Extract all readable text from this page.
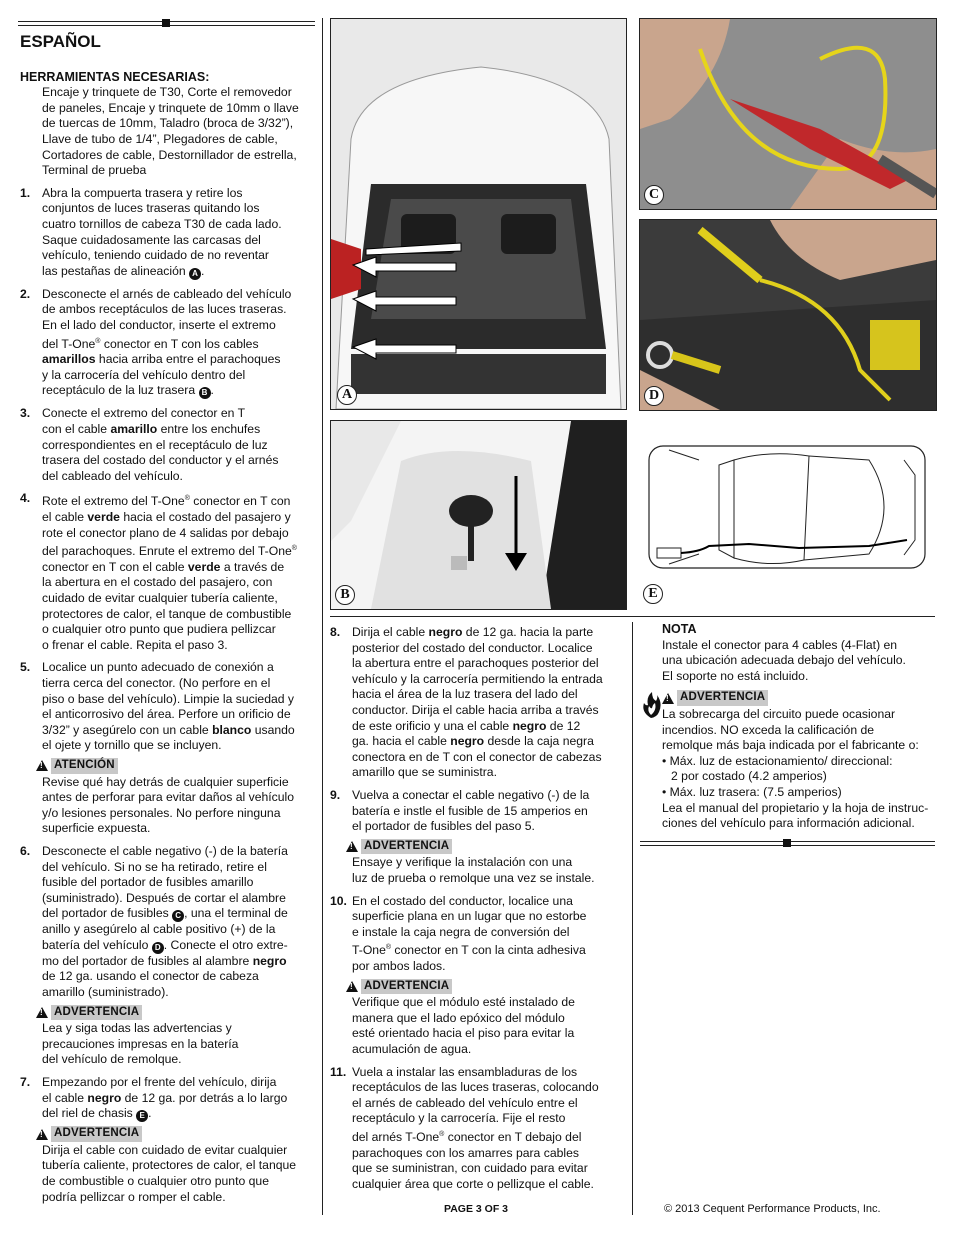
ESPAÑOL
HERRAMIENTAS NECESARIAS:
Encaje y trinquete de T30, Corte el removedor
de paneles, Encaje y trinquete de 10mm o llave
de tuercas de 10mm, Taladro (broca de 3/32”),
Llave de tubo de 1/4”, Plegadores de cable,
Cortadores de cable, Destornillador de estrella,
Terminal de prueba
1. Abra la compuerta trasera y retire los
conjuntos de luces traseras quitando los
cuatro tornillos de cabeza T30 de cada lado.
Saque cuidadosamente las carcasas del
vehículo, teniendo cuidado de no reventar
las pestañas de alineación A .
2. Desconecte el arnés de cableado del vehículo
de ambos receptáculos de las luces traseras.
En el lado del conductor, inserte el extremo
del T-One® conector en T con los cables
amarillos hacia arriba entre el parachoques
y la carrocería del vehículo dentro del
receptáculo de la luz trasera B .
3. Conecte el extremo del conector en T
con el cable amarillo entre los enchufes
correspondientes en el receptáculo de luz
trasera del costado del conductor y el arnés
del cableado del vehículo.
4. Rote el extremo del T-One® conector en T con
el cable verde hacia el costado del pasajero y
rote el conector plano de 4 salidas por debajo
del parachoques. Enrute el extremo del T-One®
conector en T con el cable verde a través de
la abertura en el costado del pasajero, con
cuidado de evitar cualquier tubería caliente,
protectores de calor, el tanque de combustible
o cualquier otro punto que pudiera pellizcar
o frenar el cable. Repita el paso 3.
5. Localice un punto adecuado de conexión a
tierra cerca del conector. (No perfore en el
piso o base del vehículo). Limpie la suciedad y
el anticorrosivo del área. Perfore un orificio de
3/32” y asegúrelo con un cable blanco usando
el ojete y tornillo que se incluyen.
!
ATENCIÓN
Revise qué hay detrás de cualquier superficie
antes de perforar para evitar daños al vehículo
y/o lesiones personales. No perfore ninguna
superficie expuesta.
6. Desconecte el cable negativo (-) de la batería
del vehículo. Si no se ha retirado, retire el
fusible del portador de fusibles amarillo
(suministrado). Después de cortar el alambre
del portador de fusibles C , una el terminal de
anillo y asegúrelo al cable positivo (+) de la
batería del vehículo D . Conecte el otro extre-
mo del portador de fusibles al alambre negro
de 12 ga. usando el conector de cabeza
amarillo (suministrado).
!
ADVERTENCIA
Lea y siga todas las advertencias y
precauciones impresas en la batería
del vehículo de remolque.
7. Empezando por el frente del vehículo, dirija
el cable negro de 12 ga. por detrás a lo largo
del riel de chasis E .
!
ADVERTENCIA
Dirija el cable con cuidado de evitar cualquier
tubería caliente, protectores de calor, el tanque
de combustible o cualquier otro punto que
podría pellizcar o romper el cable.
A
C
D
B	E
8. Dirija el cable negro de 12 ga. hacia la parte
posterior del costado del conductor. Localice
la abertura entre el parachoques posterior del
vehículo y la carrocería permitiendo la entrada
hacia el área de la luz trasera del lado del
conductor. Dirija el cable hacia arriba a través
de este orificio y una el cable negro de 12
ga. hacia el cable negro desde la caja negra
conectora en de T con el conector de cabezas
amarillo que se suministra.
9. Vuelva a conectar el cable negativo (-) de la
batería e instle el fusible de 15 amperios en
el portador de fusibles del paso 5.
!
ADVERTENCIA
Ensaye y verifique la instalación con una
luz de prueba o remolque una vez se instale.
10. En el costado del conductor, localice una
superficie plana en un lugar que no estorbe
e instale la caja negra de conversión del
T-One® conector en T con la cinta adhesiva
por ambos lados.
!
ADVERTENCIA
Verifique que el módulo esté instalado de
manera que el lado epóxico del módulo
esté orientado hacia el piso para evitar la
acumulación de agua.
11. Vuela a instalar las ensambladuras de los
receptáculos de las luces traseras, colocando
el arnés de cableado del vehículo entre el
receptáculo y la carrocería. Fije el resto
del arnés T-One® conector en T debajo del
parachoques con los amarres para cables
que se suministran, con cuidado para evitar
cualquier área que corte o pellizque el cable.
NOTA
Instale el conector para 4 cables (4-Flat) en
una ubicación adecuada debajo del vehículo.
El soporte no está incluido.
!
ADVERTENCIA
La sobrecarga del circuito puede ocasionar
incendios. NO exceda la calificación de
remolque más baja indicada por el fabricante o:
• Máx. luz de estacionamiento/ direccional:
2 por costado (4.2 amperios)
• Máx. luz trasera: (7.5 amperios)
Lea el manual del propietario y la hoja de instruc-
ciones del vehículo para información adicional.
PAGE 3 OF 3	© 2013 Cequent Performance Products, Inc.
